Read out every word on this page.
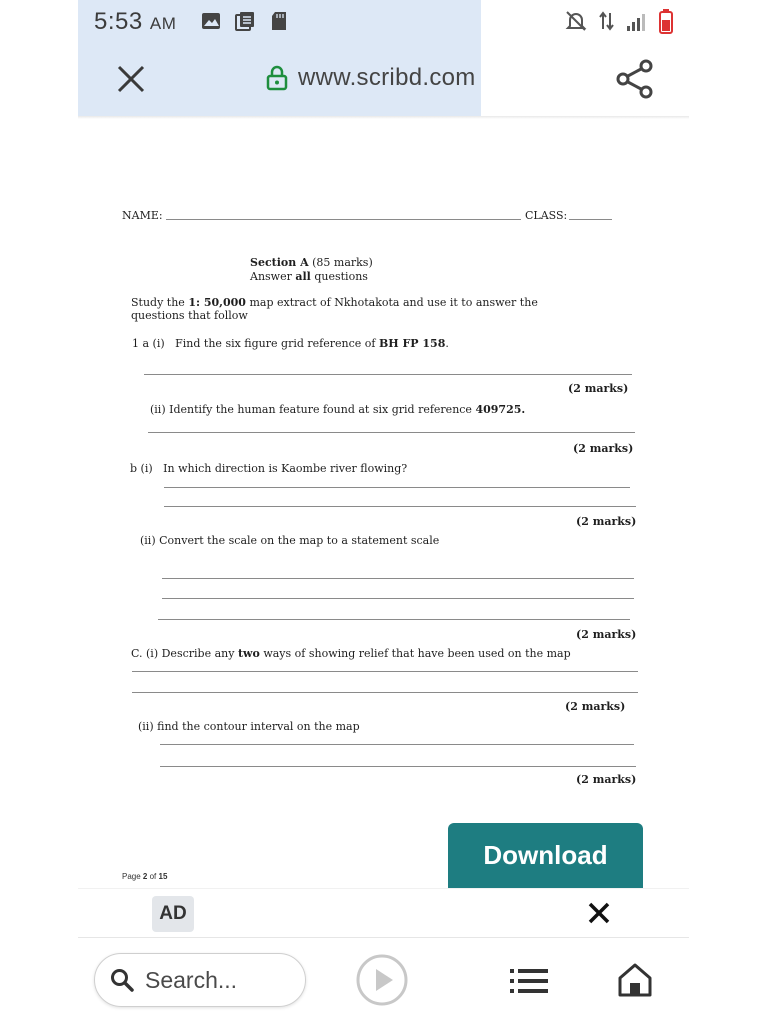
5:53 AM
www.scribd.com
NAME:	CLASS:
Section A (85 marks)
Answer all questions
Study the 1: 50,000 map extract of Nkhotakota and use it to answer the
questions that follow
1 a (i) Find the six figure grid reference of BH FP 158.
(2 marks)
(ii) Identify the human feature found at six grid reference 409725.
(2 marks)
b (i) In which direction is Kaombe river flowing?
(2 marks)
(ii) Convert the scale on the map to a statement scale
(2 marks)
C. (i) Describe any two ways of showing relief that have been used on the map
(2 marks)
(ii) find the contour interval on the map
(2 marks)
Page 2 of 15
Download
AD
Search...
